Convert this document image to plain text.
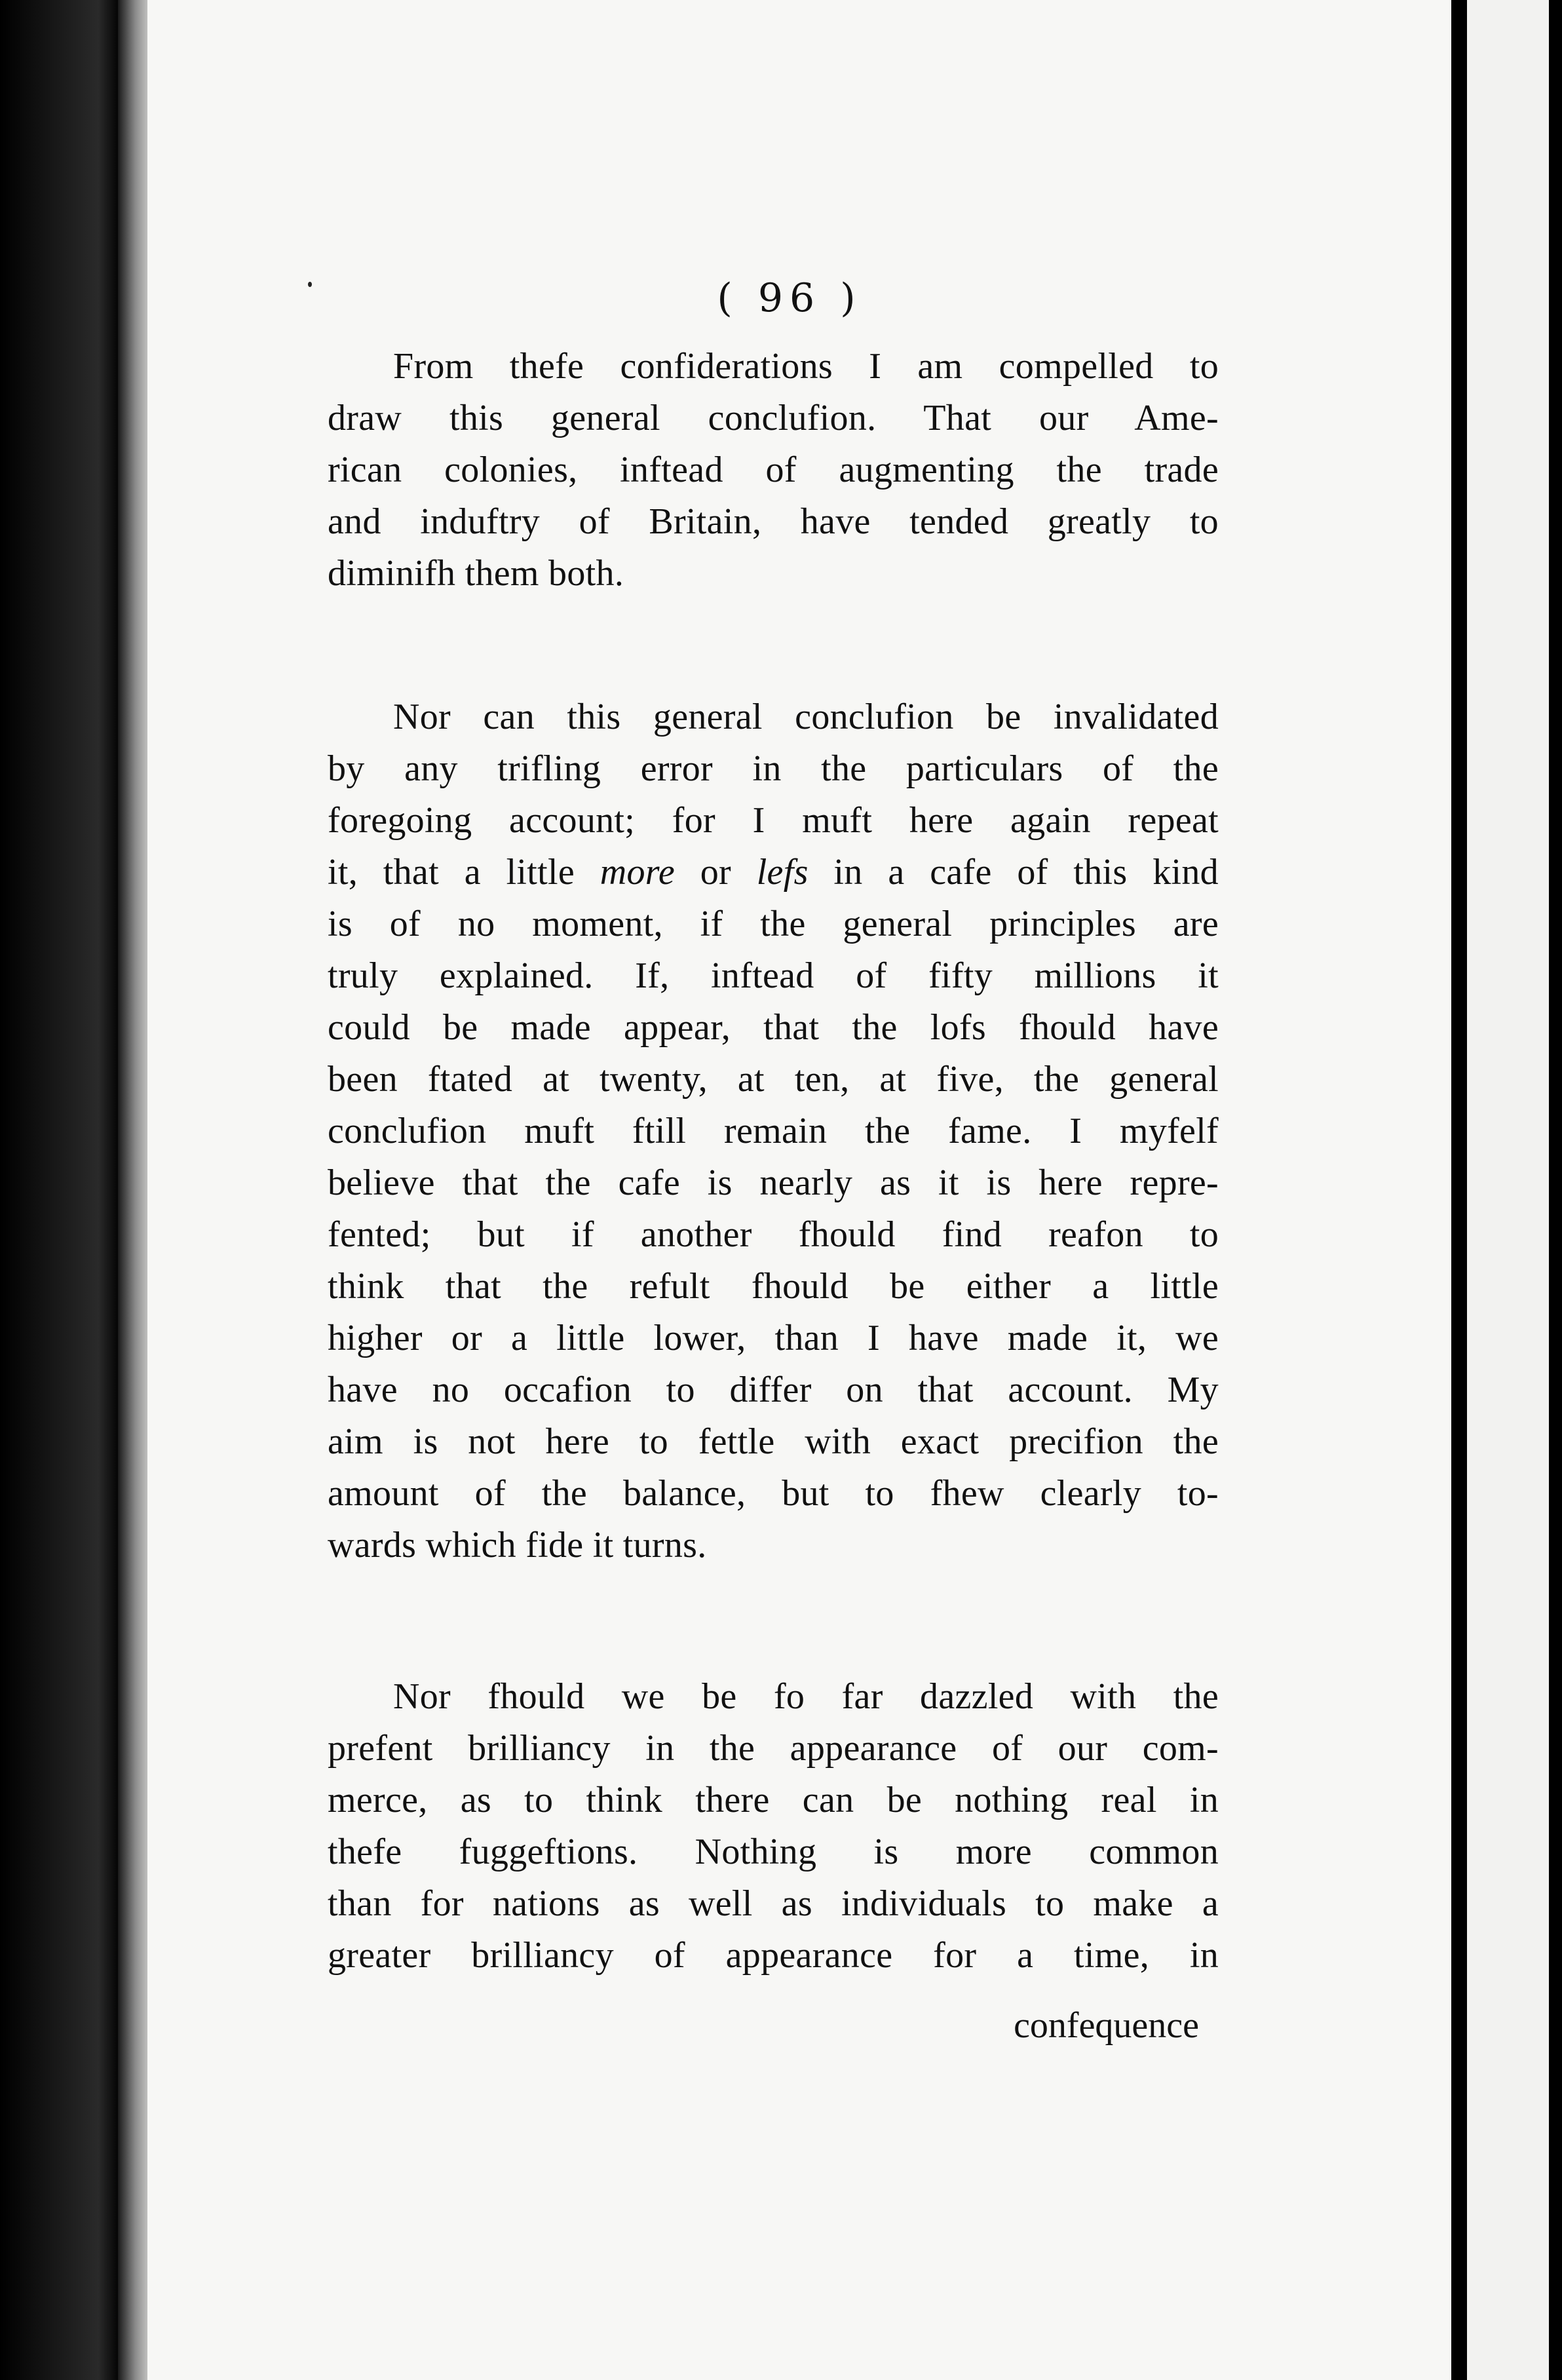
( 96 )
From thefe confiderations I am compelled to
draw this general conclufion. That our Ame-
rican colonies, inftead of augmenting the trade
and induftry of Britain, have tended greatly to
diminifh them both.
Nor can this general conclufion be invalidated
by any trifling error in the particulars of the
foregoing account; for I muft here again repeat
it, that a little more or lefs in a cafe of this kind
is of no moment, if the general principles are
truly explained. If, inftead of fifty millions it
could be made appear, that the lofs fhould have
been ftated at twenty, at ten, at five, the general
conclufion muft ftill remain the fame. I myfelf
believe that the cafe is nearly as it is here repre-
fented; but if another fhould find reafon to
think that the refult fhould be either a little
higher or a little lower, than I have made it, we
have no occafion to differ on that account. My
aim is not here to fettle with exact precifion the
amount of the balance, but to fhew clearly to-
wards which fide it turns.
Nor fhould we be fo far dazzled with the
prefent brilliancy in the appearance of our com-
merce, as to think there can be nothing real in
thefe fuggeftions. Nothing is more common
than for nations as well as individuals to make a
greater brilliancy of appearance for a time, in
confequence
